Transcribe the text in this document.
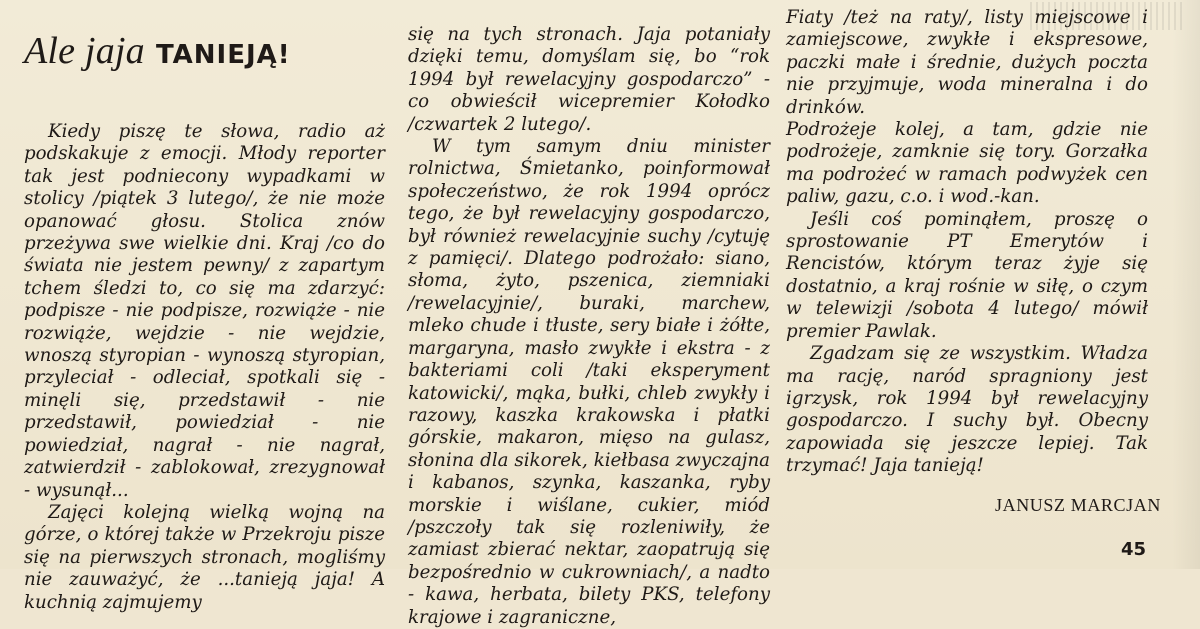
Ale jaja TANIEJĄ!

Kiedy piszę te słowa, radio aż podskakuje z emocji. Młody reporter tak jest podniecony wypadkami w stolicy /piątek 3 lutego/, że nie może opanować głosu. Stolica znów przeżywa swe wielkie dni. Kraj /co do świata nie jestem pewny/ z zapartym tchem śledzi to, co się ma zdarzyć: podpisze - nie podpisze, rozwiąże - nie rozwiąże, wejdzie - nie wejdzie, wnoszą styropian - wynoszą styropian, przyleciał - odleciał, spotkali się - minęli się, przedstawił - nie przedstawił, powiedział - nie powiedział, nagrał - nie nagrał, zatwierdził - zablokował, zrezygnował - wysunął...

Zajęci kolejną wielką wojną na górze, o której także w Przekroju pisze się na pierwszych stronach, mogliśmy nie zauważyć, że ...tanieją jaja! A kuchnią zajmujemy

się na tych stronach. Jaja potaniały dzięki temu, domyślam się, bo “rok 1994 był rewelacyjny gospodarczo” - co obwieścił wicepremier Kołodko /czwartek 2 lutego/.

W tym samym dniu minister rolnictwa, Śmietanko, poinformował społeczeństwo, że rok 1994 oprócz tego, że był rewelacyjny gospodarczo, był również rewelacyjnie suchy /cytuję z pamięci/. Dlatego podrożało: siano, słoma, żyto, pszenica, ziemniaki /rewelacyjnie/, buraki, marchew, mleko chude i tłuste, sery białe i żółte, margaryna, masło zwykłe i ekstra - z bakteriami coli /taki eksperyment katowicki/, mąka, bułki, chleb zwykły i razowy, kaszka krakowska i płatki górskie, makaron, mięso na gulasz, słonina dla sikorek, kiełbasa zwyczajna i kabanos, szynka, kaszanka, ryby morskie i wiślane, cukier, miód /pszczoły tak się rozleniwiły, że zamiast zbierać nektar, zaopatrują się bezpośrednio w cukrowniach/, a nadto - kawa, herbata, bilety PKS, telefony krajowe i zagraniczne,

Fiaty /też na raty/, listy miejscowe i zamiejscowe, zwykłe i ekspresowe, paczki małe i średnie, dużych poczta nie przyjmuje, woda mineralna i do drinków.

Podrożeje kolej, a tam, gdzie nie podrożeje, zamknie się tory. Gorzałka ma podrożeć w ramach podwyżek cen paliw, gazu, c.o. i wod.-kan.

Jeśli coś pominąłem, proszę o sprostowanie PT Emerytów i Rencistów, którym teraz żyje się dostatnio, a kraj rośnie w siłę, o czym w telewizji /sobota 4 lutego/ mówił premier Pawlak.

Zgadzam się ze wszystkim. Władza ma rację, naród spragniony jest igrzysk, rok 1994 był rewelacyjny gospodarczo. I suchy był. Obecny zapowiada się jeszcze lepiej. Tak trzymać! Jaja tanieją!

JANUSZ MARCJAN
45
